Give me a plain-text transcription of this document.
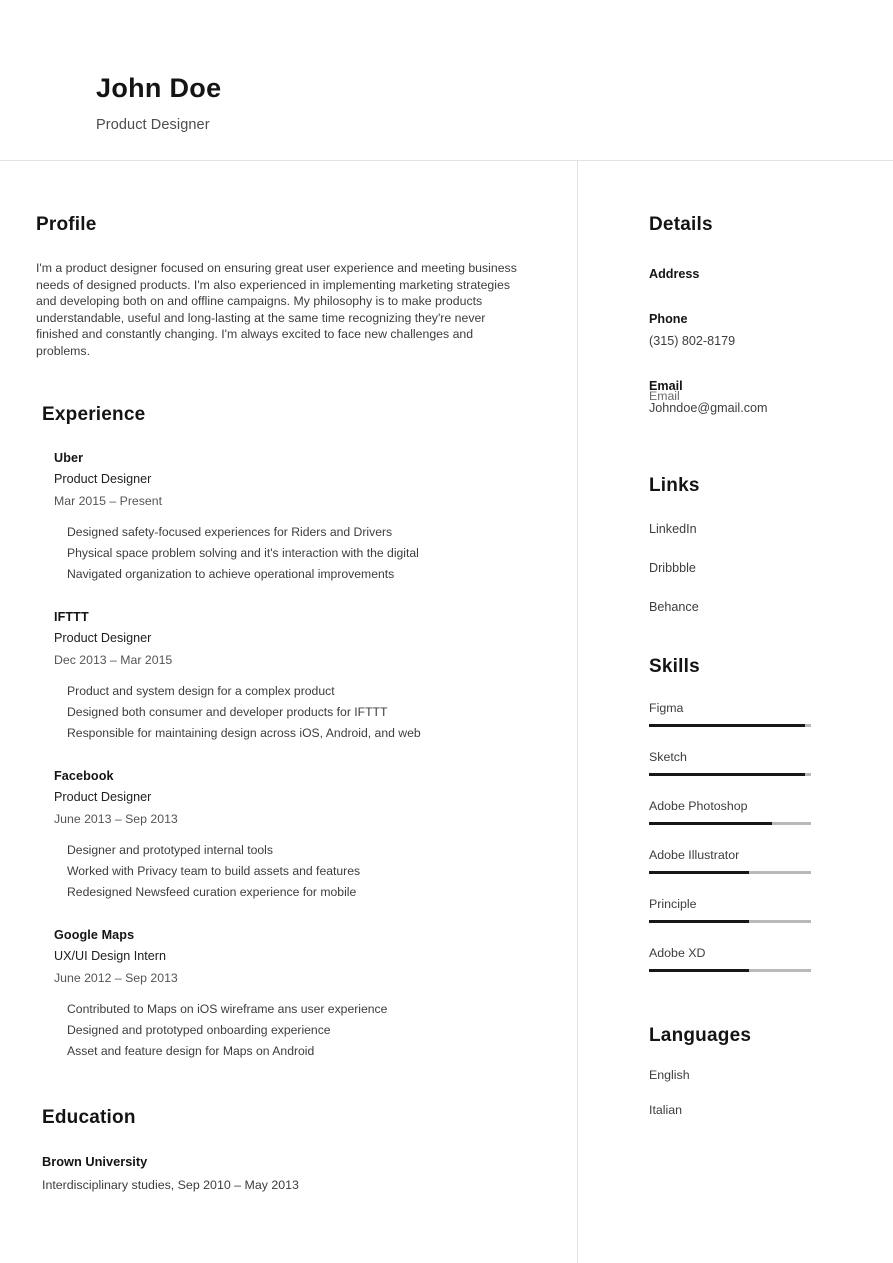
John Doe
Product Designer
Profile
I'm a product designer focused on ensuring great user experience and meeting business needs of designed products. I'm also experienced in implementing marketing strategies and developing both on and offline campaigns. My philosophy is to make products understandable, useful and long-lasting at the same time recognizing they're never finished and constantly changing. I'm always excited to face new challenges and problems.
Experience
Uber
Product Designer
Mar 2015 – Present
Designed safety-focused experiences for Riders and Drivers
Physical space problem solving and it's interaction with the digital
Navigated organization to achieve operational improvements
IFTTT
Product Designer
Dec 2013 – Mar 2015
Product and system design for a complex product
Designed both consumer and developer products for IFTTT
Responsible for maintaining design across iOS, Android, and web
Facebook
Product Designer
June 2013 – Sep 2013
Designer and prototyped internal tools
Worked with Privacy team to build assets and features
Redesigned Newsfeed curation experience for mobile
Google Maps
UX/UI Design Intern
June 2012 – Sep 2013
Contributed to Maps on iOS wireframe ans user experience
Designed and prototyped onboarding experience
Asset and feature design for Maps on Android
Education
Brown University
Interdisciplinary studies, Sep 2010 – May 2013
Details
Address
Phone
(315) 802-8179
Email
Email
Johndoe@gmail.com
Links
LinkedIn
Dribbble
Behance
Skills
Figma
Sketch
Adobe Photoshop
Adobe Illustrator
Principle
Adobe XD
Languages
English
Italian
